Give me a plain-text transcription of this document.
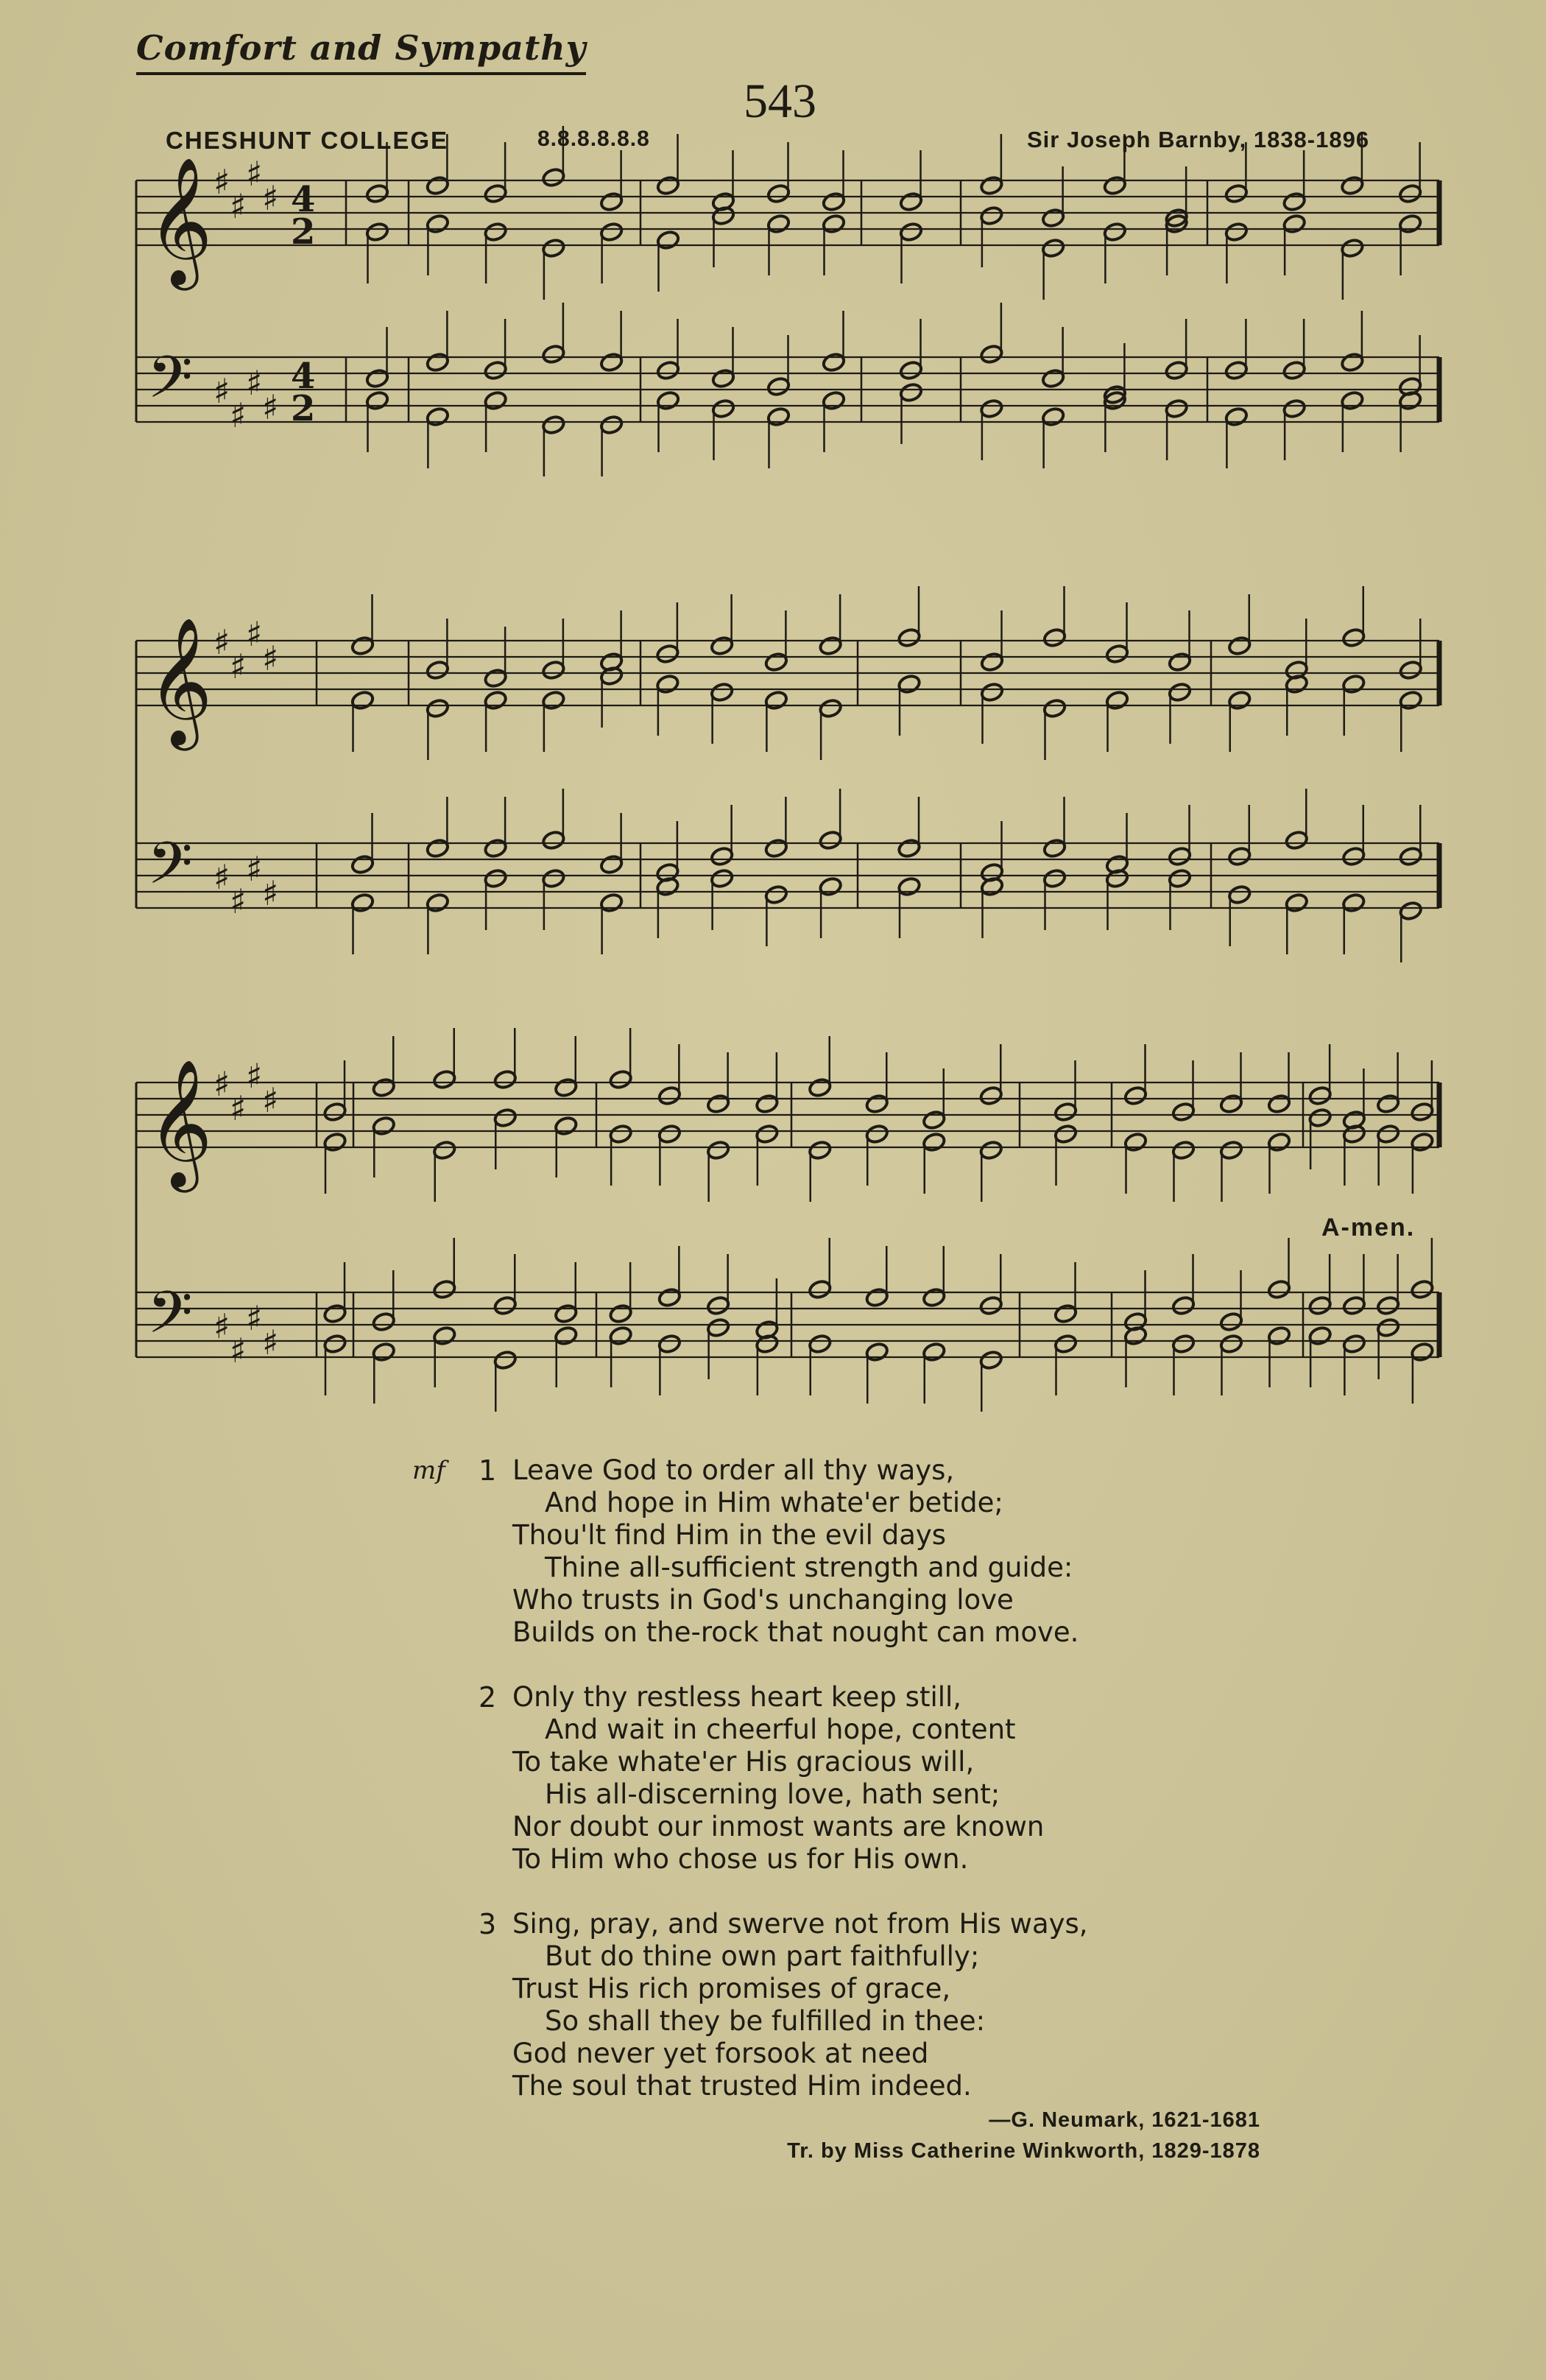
Comfort and Sympathy
543
CHESHUNT COLLEGE	8.8.8.8.8.8	Sir Joseph Barnby, 1838-1896
𝄞 ♯
♯
♯
♯ 4
2
𝄢 ♯
♯
♯
♯
4
2
𝄞 ♯
♯
♯
♯
𝄢 ♯
♯
♯
♯
𝄞 ♯
♯
♯
♯
𝄢 ♯
♯
♯
♯
A-men.
mf 1 Leave God to order all thy ways,
And hope in Him whate'er betide;
Thou'lt find Him in the evil days
Thine all-sufficient strength and guide:
Who trusts in God's unchanging love
Builds on the-rock that nought can move.
2 Only thy restless heart keep still,
And wait in cheerful hope, content
To take whate'er His gracious will,
His all-discerning love, hath sent;
Nor doubt our inmost wants are known
To Him who chose us for His own.
3 Sing, pray, and swerve not from His ways,
But do thine own part faithfully;
Trust His rich promises of grace,
So shall they be fulfilled in thee:
God never yet forsook at need
The soul that trusted Him indeed.
—G. Neumark, 1621-1681
Tr. by Miss Catherine Winkworth, 1829-1878
